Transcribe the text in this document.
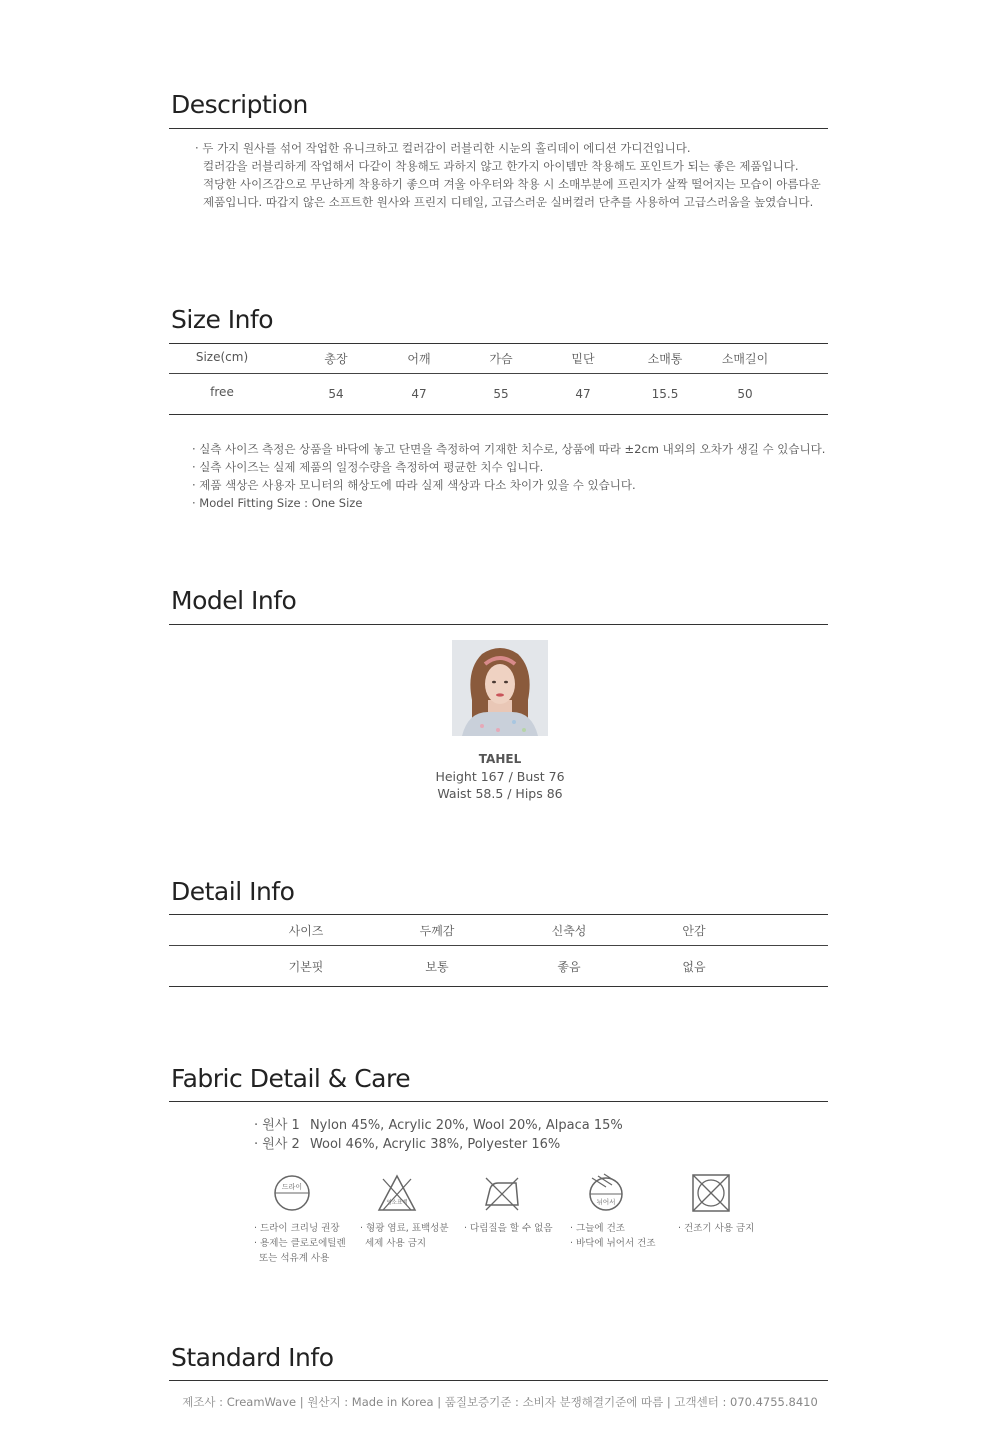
Description
· 두 가지 원사를 섞어 작업한 유니크하고 컬러감이 러블리한 시눈의 홀리데이 에디션 가디건입니다.
컬러감을 러블리하게 작업해서 다같이 착용해도 과하지 않고 한가지 아이템만 착용해도 포인트가 되는 좋은 제품입니다.
적당한 사이즈감으로 무난하게 착용하기 좋으며 겨울 아우터와 착용 시 소매부분에 프린지가 살짝 떨어지는 모습이 아름다운
제품입니다. 따갑지 않은 소프트한 원사와 프린지 디테일, 고급스러운 실버컬러 단추를 사용하여 고급스러움을 높였습니다.
Size Info
Size(cm)	총장	어깨	가슴	밑단	소매통	소매길이
free	54	47	55	47	15.5	50
· 실측 사이즈 측정은 상품을 바닥에 놓고 단면을 측정하여 기재한 치수로, 상품에 따라 ±2cm 내외의 오차가 생길 수 있습니다.
· 실측 사이즈는 실제 제품의 일정수량을 측정하여 평균한 치수 입니다.
· 제품 색상은 사용자 모니터의 해상도에 따라 실제 색상과 다소 차이가 있을 수 있습니다.
· Model Fitting Size : One Size
Model Info
TAHEL
Height 167 / Bust 76
Waist 58.5 / Hips 86
Detail Info
사이즈	두께감	신축성	안감
기본핏	보통	좋음	없음
Fabric Detail & Care
· 원사 1 Nylon 45%, Acrylic 20%, Wool 20%, Alpaca 15%
· 원사 2 Wool 46%, Acrylic 38%, Polyester 16%
드라이
염소표백	뉘어서
· 드라이 크리닝 권장
· 용제는 클로로에틸렌
또는 석유계 사용
· 형광 염료, 표백성분
세제 사용 금지
· 다림질을 할 수 없음 · 그늘에 건조
· 바닥에 뉘어서 건조
· 건조기 사용 금지
Standard Info
제조사 : CreamWave | 원산지 : Made in Korea | 품질보증기준 : 소비자 분쟁해결기준에 따름 | 고객센터 : 070.4755.8410
